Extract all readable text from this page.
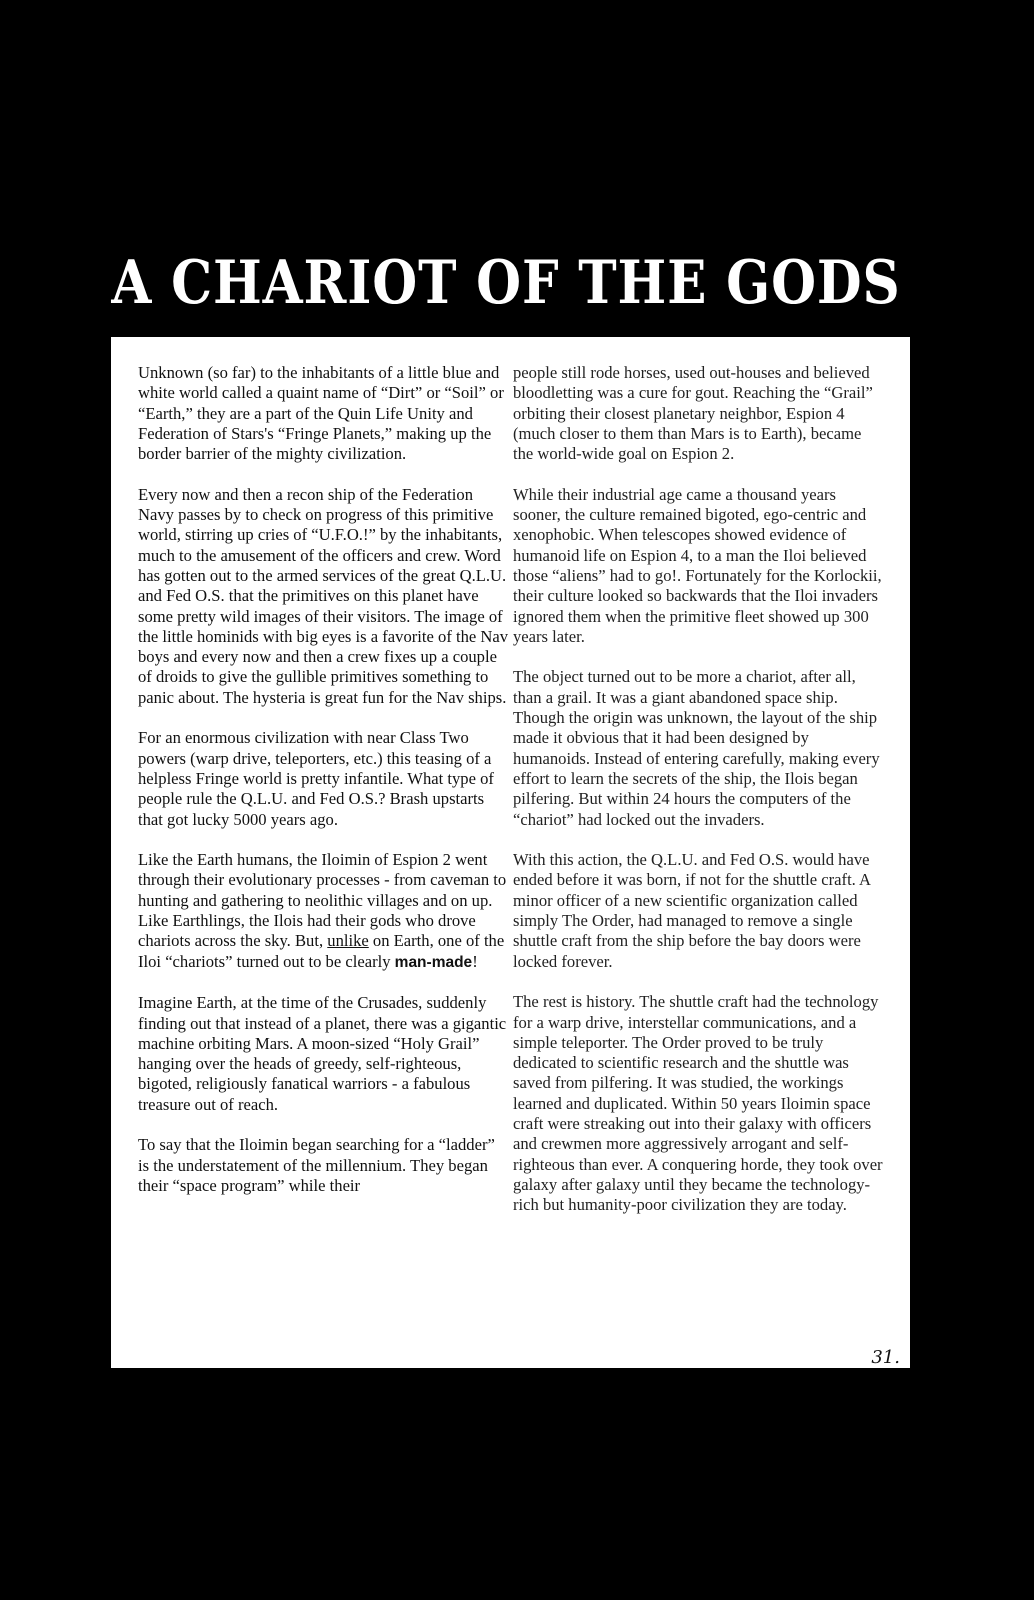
A CHARIOT OF THE GODS

Unknown (so far) to the inhabitants of a little blue and white world called a quaint name of “Dirt” or “Soil” or “Earth,” they are a part of the Quin Life Unity and Federation of Stars's “Fringe Planets,” making up the border barrier of the mighty civilization.

Every now and then a recon ship of the Federation Navy passes by to check on progress of this primitive world, stirring up cries of “U.F.O.!” by the inhabitants, much to the amusement of the officers and crew. Word has gotten out to the armed services of the great Q.L.U. and Fed O.S. that the primitives on this planet have some pretty wild images of their visitors. The image of the little hominids with big eyes is a favorite of the Nav boys and every now and then a crew fixes up a couple of droids to give the gullible primitives something to panic about. The hysteria is great fun for the Nav ships.

For an enormous civilization with near Class Two powers (warp drive, teleporters, etc.) this teasing of a helpless Fringe world is pretty infantile. What type of people rule the Q.L.U. and Fed O.S.? Brash upstarts that got lucky 5000 years ago.

Like the Earth humans, the Iloimin of Espion 2 went through their evolutionary processes - from caveman to hunting and gathering to neolithic villages and on up. Like Earthlings, the Ilois had their gods who drove chariots across the sky. But, unlike on Earth, one of the Iloi “chariots” turned out to be clearly man-made!

Imagine Earth, at the time of the Crusades, suddenly finding out that instead of a planet, there was a gigantic machine orbiting Mars. A moon-sized “Holy Grail” hanging over the heads of greedy, self-righteous, bigoted, religiously fanatical warriors - a fabulous treasure out of reach.

To say that the Iloimin began searching for a “ladder” is the understatement of the millennium. They began their “space program” while their

people still rode horses, used out-houses and believed bloodletting was a cure for gout. Reaching the “Grail” orbiting their closest planetary neighbor, Espion 4 (much closer to them than Mars is to Earth), became the world-wide goal on Espion 2.

While their industrial age came a thousand years sooner, the culture remained bigoted, ego-centric and xenophobic. When telescopes showed evidence of humanoid life on Espion 4, to a man the Iloi believed those “aliens” had to go!. Fortunately for the Korlockii, their culture looked so backwards that the Iloi invaders ignored them when the primitive fleet showed up 300 years later.

The object turned out to be more a chariot, after all, than a grail. It was a giant abandoned space ship. Though the origin was unknown, the layout of the ship made it obvious that it had been designed by humanoids. Instead of entering carefully, making every effort to learn the secrets of the ship, the Ilois began pilfering. But within 24 hours the computers of the “chariot” had locked out the invaders.

With this action, the Q.L.U. and Fed O.S. would have ended before it was born, if not for the shuttle craft. A minor officer of a new scientific organization called simply The Order, had managed to remove a single shuttle craft from the ship before the bay doors were locked forever.

The rest is history. The shuttle craft had the technology for a warp drive, interstellar communications, and a simple teleporter. The Order proved to be truly dedicated to scientific research and the shuttle was saved from pilfering. It was studied, the workings learned and duplicated. Within 50 years Iloimin space craft were streaking out into their galaxy with officers and crewmen more aggressively arrogant and self-righteous than ever. A conquering horde, they took over galaxy after galaxy until they became the technology-rich but humanity-poor civilization they are today.

31.
